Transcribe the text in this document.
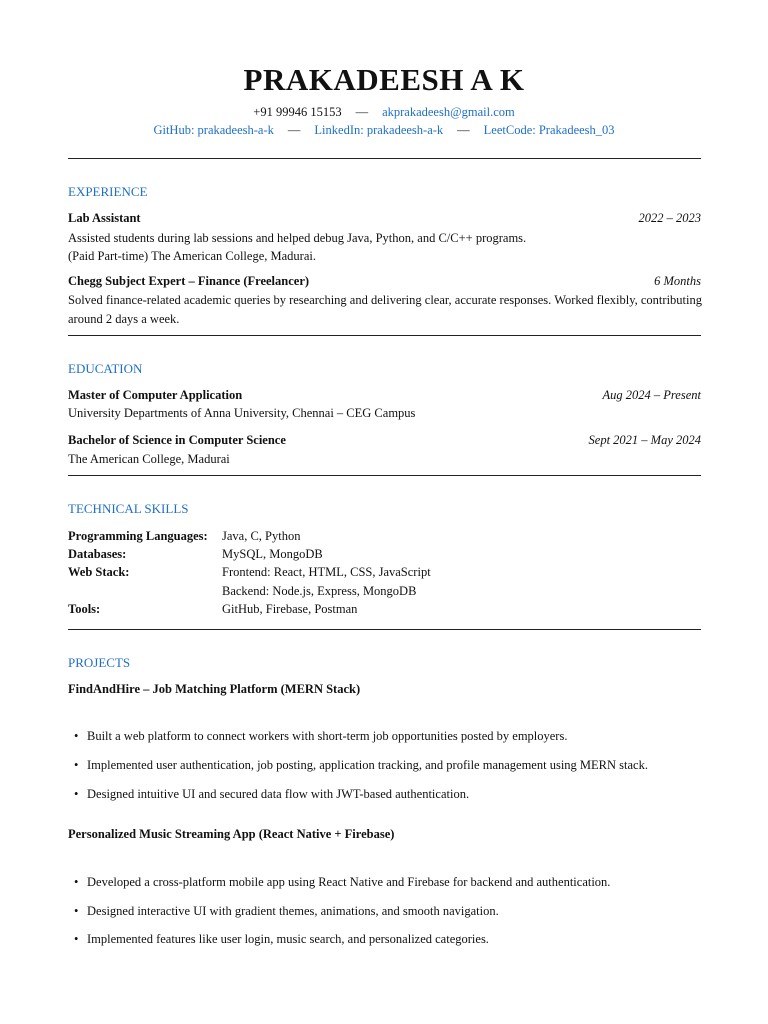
PRAKADEESH A K
+91 99946 15153 — akprakadeesh@gmail.com
GitHub: prakadeesh-a-k — LinkedIn: prakadeesh-a-k — LeetCode: Prakadeesh_03
EXPERIENCE
Lab Assistant	2022 – 2023
Assisted students during lab sessions and helped debug Java, Python, and C/C++ programs.
(Paid Part-time) The American College, Madurai.
Chegg Subject Expert – Finance (Freelancer)	6 Months
Solved finance-related academic queries by researching and delivering clear, accurate responses. Worked flexibly, contributing
around 2 days a week.
EDUCATION
Master of Computer Application	Aug 2024 – Present
University Departments of Anna University, Chennai – CEG Campus
Bachelor of Science in Computer Science	Sept 2021 – May 2024
The American College, Madurai
TECHNICAL SKILLS
Programming Languages: Java, C, Python
Databases:	MySQL, MongoDB
Web Stack:	Frontend: React, HTML, CSS, JavaScript
Backend: Node.js, Express, MongoDB
Tools:	GitHub, Firebase, Postman
PROJECTS
FindAndHire – Job Matching Platform (MERN Stack)
• Built a web platform to connect workers with short-term job opportunities posted by employers.
• Implemented user authentication, job posting, application tracking, and profile management using MERN stack.
• Designed intuitive UI and secured data flow with JWT-based authentication.
Personalized Music Streaming App (React Native + Firebase)
• Developed a cross-platform mobile app using React Native and Firebase for backend and authentication.
• Designed interactive UI with gradient themes, animations, and smooth navigation.
• Implemented features like user login, music search, and personalized categories.
